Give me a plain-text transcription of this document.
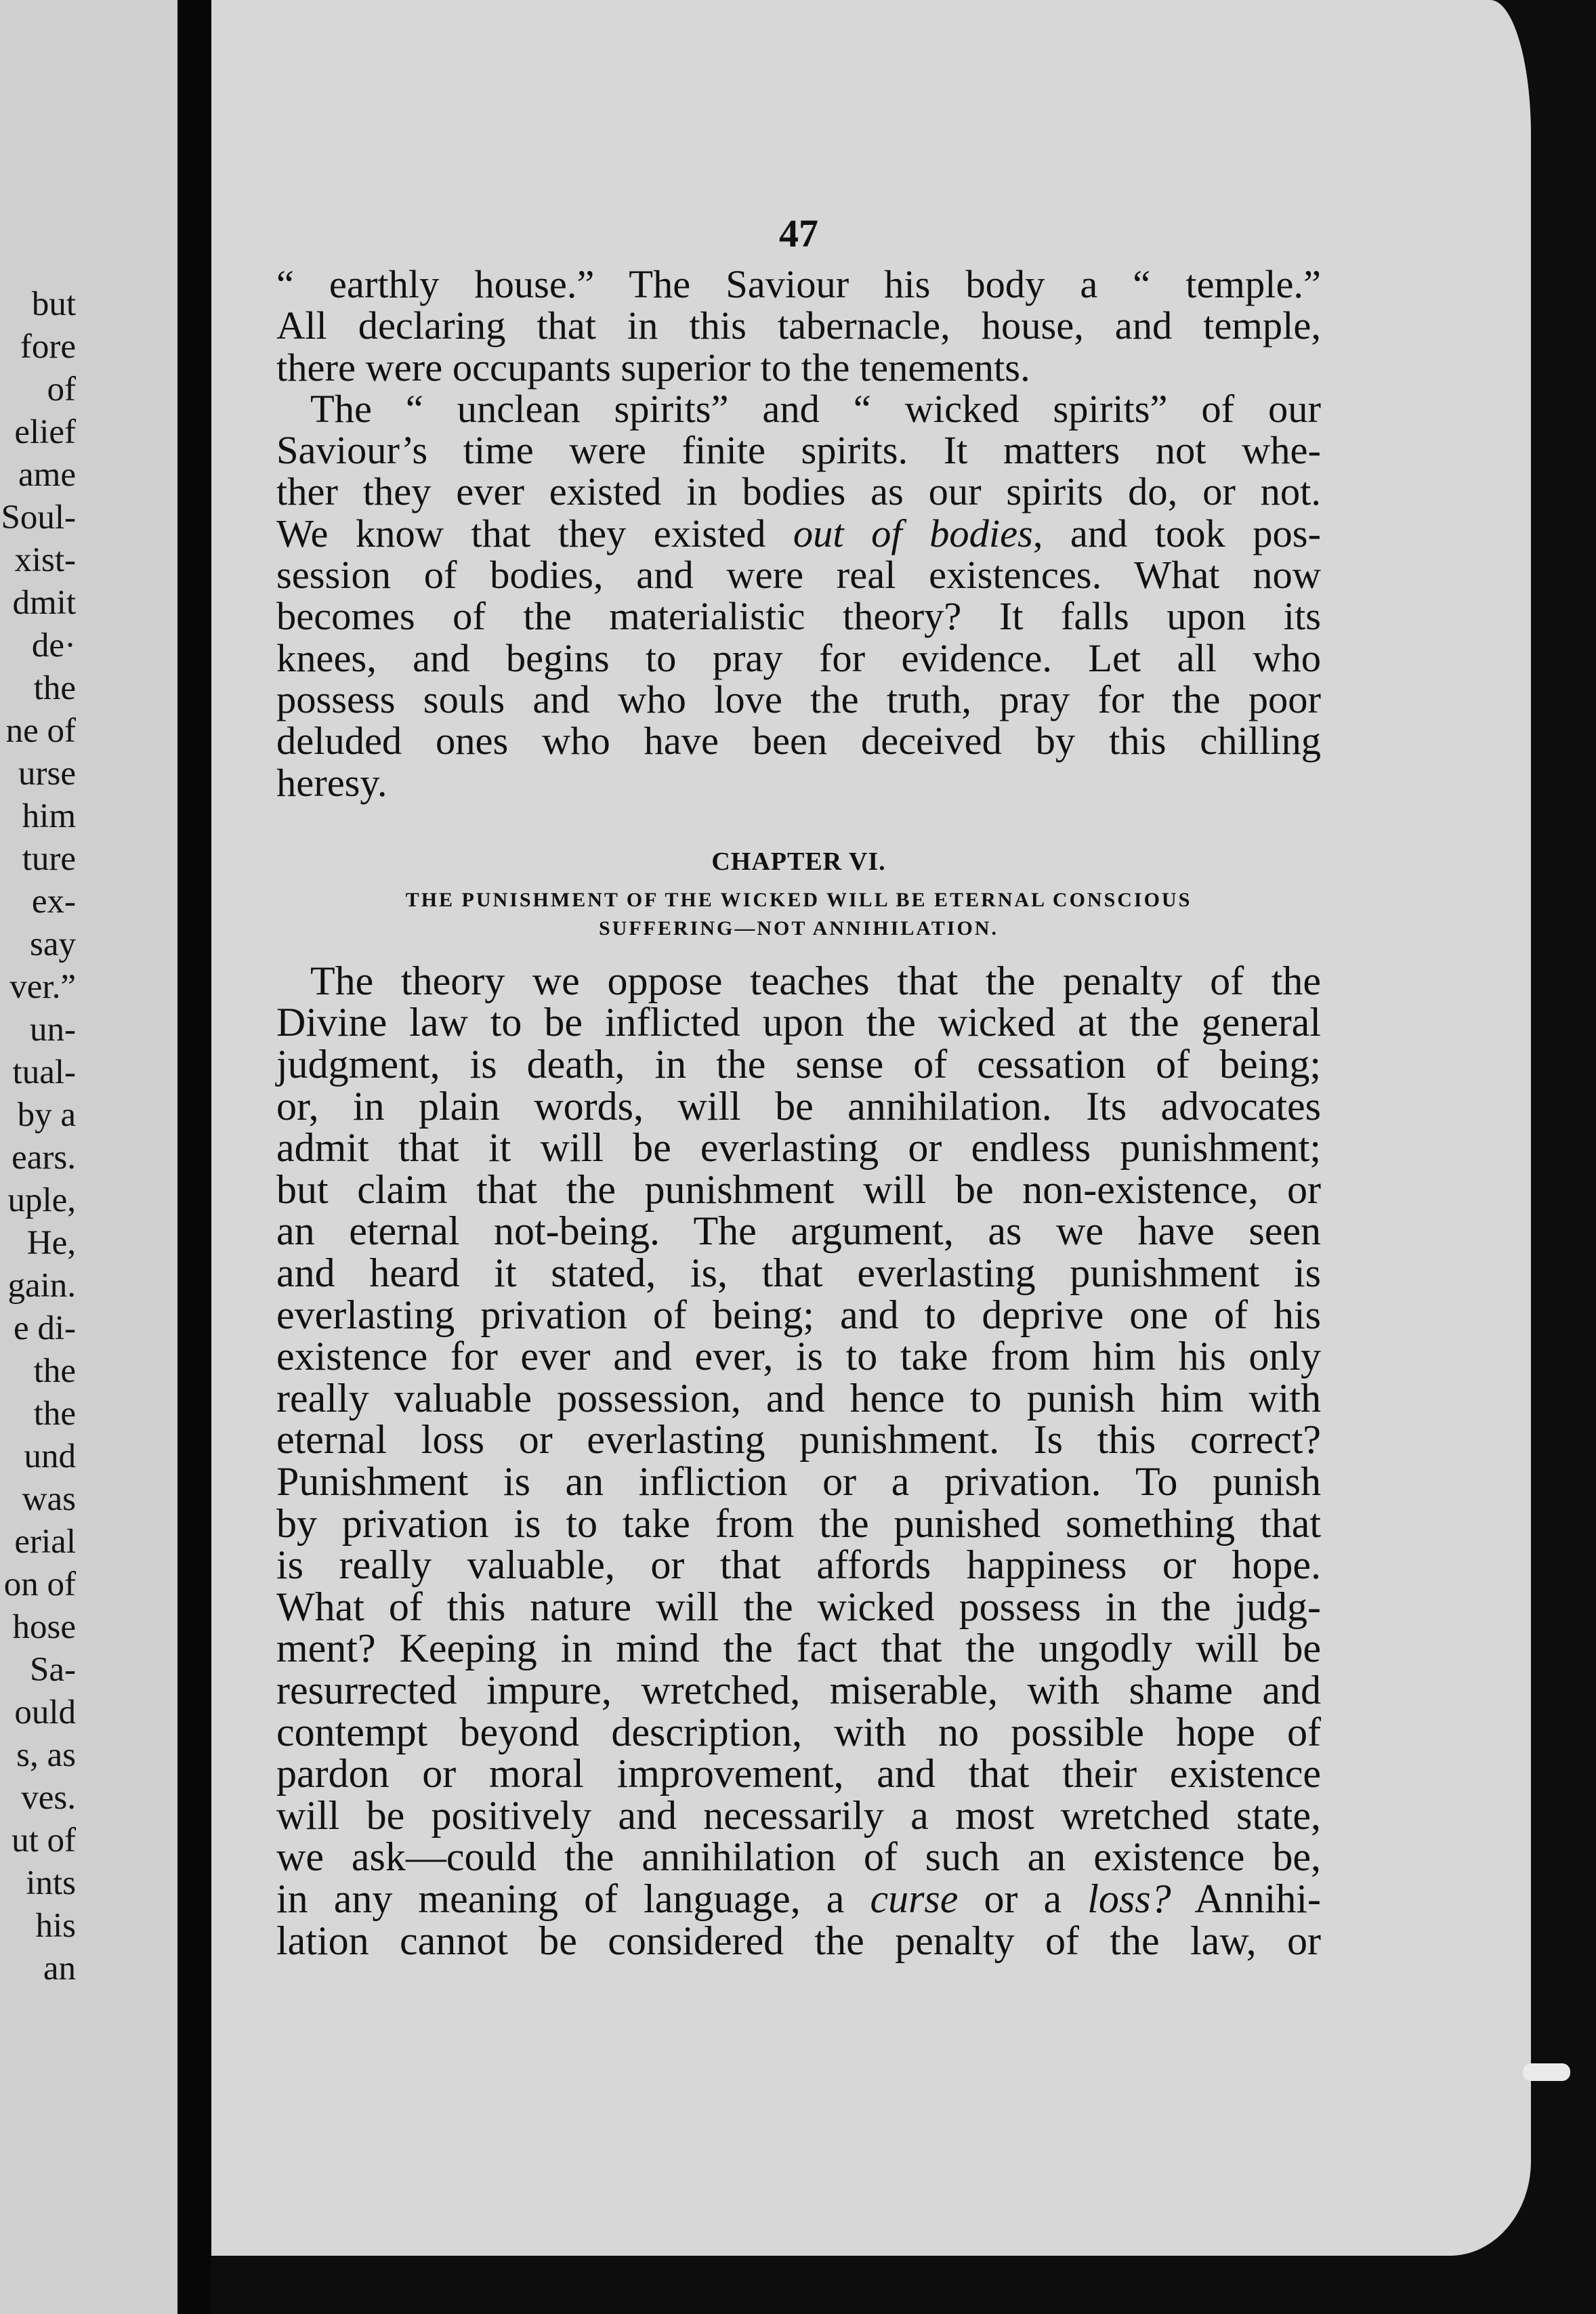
but
fore
of
elief
ame
Soul-
xist-
dmit
de·
the
ne of
urse
him
ture
ex-
say
ver.”
un-
tual-
by a
ears.
uple,
He,
gain.
e di-
the
the
und
was
erial
on of
hose
Sa-
ould
s, as
ves.
ut of
ints
his
an
47

“ earthly house.” The Saviour his body a “ temple.”
All declaring that in this tabernacle, house, and temple,
there were occupants superior to the tenements.

The “ unclean spirits” and “ wicked spirits” of our
Saviour’s time were finite spirits. It matters not whe-
ther they ever existed in bodies as our spirits do, or not.
We know that they existed out of bodies, and took pos-
session of bodies, and were real existences. What now
becomes of the materialistic theory? It falls upon its
knees, and begins to pray for evidence. Let all who
possess souls and who love the truth, pray for the poor
deluded ones who have been deceived by this chilling
heresy.

CHAPTER VI.
THE PUNISHMENT OF THE WICKED WILL BE ETERNAL CONSCIOUS
SUFFERING—NOT ANNIHILATION.

The theory we oppose teaches that the penalty of the
Divine law to be inflicted upon the wicked at the general
judgment, is death, in the sense of cessation of being;
or, in plain words, will be annihilation. Its advocates
admit that it will be everlasting or endless punishment;
but claim that the punishment will be non-existence, or
an eternal not-being. The argument, as we have seen
and heard it stated, is, that everlasting punishment is
everlasting privation of being; and to deprive one of his
existence for ever and ever, is to take from him his only
really valuable possession, and hence to punish him with
eternal loss or everlasting punishment. Is this correct?
Punishment is an infliction or a privation. To punish
by privation is to take from the punished something that
is really valuable, or that affords happiness or hope.
What of this nature will the wicked possess in the judg-
ment? Keeping in mind the fact that the ungodly will be
resurrected impure, wretched, miserable, with shame and
contempt beyond description, with no possible hope of
pardon or moral improvement, and that their existence
will be positively and necessarily a most wretched state,
we ask—could the annihilation of such an existence be,
in any meaning of language, a curse or a loss? Annihi-
lation cannot be considered the penalty of the law, or
